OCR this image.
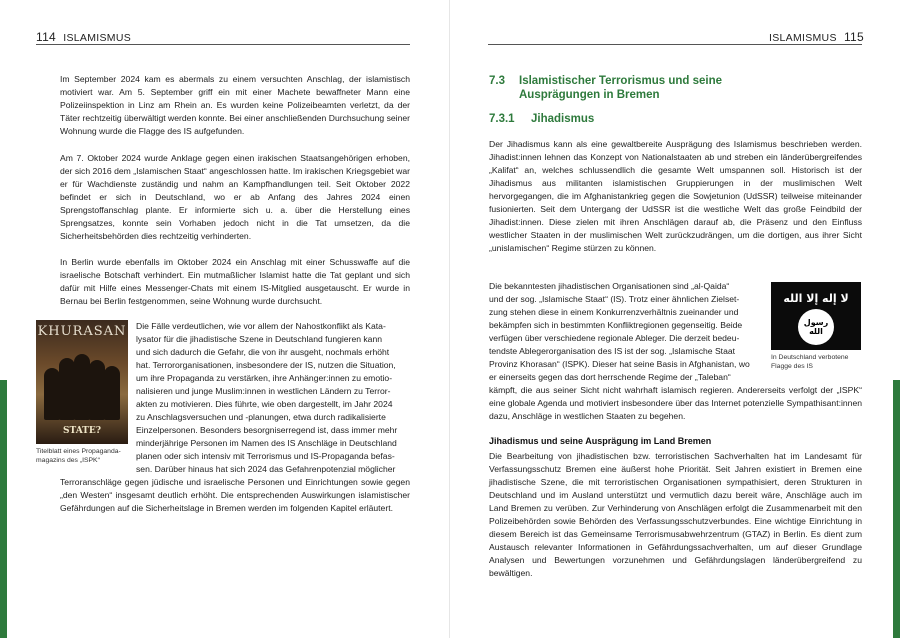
114 ISLAMISMUS

Im September 2024 kam es abermals zu einem versuchten Anschlag, der islamistisch motiviert war. Am 5. September griff ein mit einer Machete bewaffneter Mann eine Polizeiinspektion in Linz am Rhein an. Es wurden keine Polizeibeamten verletzt, da der Täter rechtzeitig überwältigt werden konnte. Bei einer anschließenden Durchsuchung seiner Wohnung wurde die Flagge des IS aufgefunden.

Am 7. Oktober 2024 wurde Anklage gegen einen irakischen Staatsangehörigen erhoben, der sich 2016 dem „Islamischen Staat“ angeschlossen hatte. Im irakischen Kriegsgebiet war er für Wachdienste zuständig und nahm an Kampfhandlungen teil. Seit Oktober 2022 befindet er sich in Deutschland, wo er ab Anfang des Jahres 2024 einen Sprengstoffanschlag plante. Er informierte sich u. a. über die Herstellung eines Sprengsatzes, konnte sein Vorhaben jedoch nicht in die Tat umsetzen, da die Sicherheitsbehörden dies rechtzeitig verhinderten.

In Berlin wurde ebenfalls im Oktober 2024 ein Anschlag mit einer Schusswaffe auf die israelische Botschaft verhindert. Ein mutmaßlicher Islamist hatte die Tat geplant und sich dafür mit Hilfe eines Messenger-Chats mit einem IS-Mitglied ausgetauscht. Er wurde in Bernau bei Berlin festgenommen, seine Wohnung wurde durchsucht.

KHURASAN
STATE?
Titelblatt eines Propaganda-
magazins des „ISPK“
Die Fälle verdeutlichen, wie vor allem der Nahostkonflikt als Kata-
lysator für die jihadistische Szene in Deutschland fungieren kann
und sich dadurch die Gefahr, die von ihr ausgeht, nochmals erhöht
hat. Terrororganisationen, insbesondere der IS, nutzen die Situation,
um ihre Propaganda zu verstärken, ihre Anhänger:innen zu emotio-
nalisieren und junge Muslim:innen in westlichen Ländern zu Terror-
akten zu motivieren. Dies führte, wie oben dargestellt, im Jahr 2024
zu Anschlagsversuchen und -planungen, etwa durch radikalisierte
Einzelpersonen. Besonders besorgniserregend ist, dass immer mehr
minderjährige Personen im Namen des IS Anschläge in Deutschland
planen oder sich intensiv mit Terrorismus und IS-Propaganda befas-
sen. Darüber hinaus hat sich 2024 das Gefahrenpotenzial möglicher

Terroranschläge gegen jüdische und israelische Personen und Einrichtungen sowie gegen „den Westen“ insgesamt deutlich erhöht. Die entsprechenden Auswirkungen islamistischer Gefährdungen auf die Sicherheitslage in Bremen werden im folgenden Kapitel erläutert.

ISLAMISMUS 115
7.3 Islamistischer Terrorismus und seine
Ausprägungen in Bremen
7.3.1 Jihadismus

Der Jihadismus kann als eine gewaltbereite Ausprägung des Islamismus beschrieben werden. Jihadist:innen lehnen das Konzept von Nationalstaaten ab und streben ein länderübergreifendes „Kalifat“ an, welches schlussendlich die gesamte Welt umspannen soll. Historisch ist der Jihadismus aus militanten islamistischen Gruppierungen in der muslimischen Welt hervorgegangen, die im Afghanistankrieg gegen die Sowjetunion (UdSSR) teilweise miteinander fusionierten. Seit dem Untergang der UdSSR ist die westliche Welt das große Feindbild der Jihadist:innen. Diese zielen mit ihren Anschlägen darauf ab, die Präsenz und den Einfluss westlicher Staaten in der muslimischen Welt zurückzudrängen, um die dortigen, aus ihrer Sicht „unislamischen“ Regime stürzen zu können.

Die bekanntesten jihadistischen Organisationen sind „al-Qaida“
und der sog. „Islamische Staat“ (IS). Trotz einer ähnlichen Zielset-
zung stehen diese in einem Konkurrenzverhältnis zueinander und
bekämpfen sich in bestimmten Konfliktregionen gegenseitig. Beide
verfügen über verschiedene regionale Ableger. Die derzeit bedeu-
tendste Ablegerorganisation des IS ist der sog. „Islamische Staat
Provinz Khorasan“ (ISPK). Dieser hat seine Basis in Afghanistan, wo
er einerseits gegen das dort herrschende Regime der „Taleban“

kämpft, die aus seiner Sicht nicht wahrhaft islamisch regieren. Andererseits verfolgt der „ISPK“ eine globale Agenda und motiviert insbesondere über das Internet potenzielle Sympathisant:innen dazu, Anschläge in westlichen Staaten zu begehen.

لا إله إلا الله
رسول
الله
In Deutschland verbotene
Flagge des IS
Jihadismus und seine Ausprägung im Land Bremen

Die Bearbeitung von jihadistischen bzw. terroristischen Sachverhalten hat im Landesamt für Verfassungsschutz Bremen eine äußerst hohe Priorität. Seit Jahren existiert in Bremen eine jihadistische Szene, die mit terroristischen Organisationen sympathisiert, deren Strukturen in Deutschland und im Ausland unterstützt und vermutlich dazu bereit wäre, Anschläge auch im Land Bremen zu verüben. Zur Verhinderung von Anschlägen erfolgt die Zusammenarbeit mit den Polizeibehörden sowie Behörden des Verfassungsschutzverbundes. Eine wichtige Einrichtung in diesem Bereich ist das Gemeinsame Terrorismusabwehrzentrum (GTAZ) in Berlin. Es dient zum Austausch relevanter Informationen in Gefährdungssachverhalten, um auf dieser Grundlage Analysen und Bewertungen vorzunehmen und Gefährdungslagen länderübergreifend zu bewältigen.
